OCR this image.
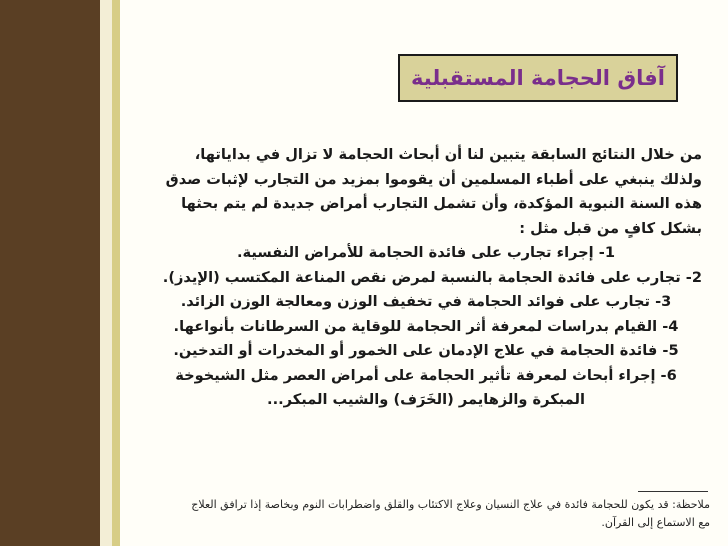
آفاق الحجامة المستقبلية
من خلال النتائج السابقة يتبين لنا أن أبحاث الحجامة لا تزال في بداياتها،
ولذلك ينبغي على أطباء المسلمين أن يقوموا بمزيد من التجارب لإثبات صدق
هذه السنة النبوية المؤكدة، وأن تشمل التجارب أمراض جديدة لم يتم بحثها
بشكل كافٍ من قبل مثل :
1- إجراء تجارب على فائدة الحجامة للأمراض النفسية.
2- تجارب على فائدة الحجامة بالنسبة لمرض نقص المناعة المكتسب (الإيدز).
3- تجارب على فوائد الحجامة في تخفيف الوزن ومعالجة الوزن الزائد.
4- القيام بدراسات لمعرفة أثر الحجامة للوقاية من السرطانات بأنواعها.
5- فائدة الحجامة في علاج الإدمان على الخمور أو المخدرات أو التدخين.
6- إجراء أبحاث لمعرفة تأثير الحجامة على أمراض العصر مثل الشيخوخة
المبكرة والزهايمر (الخَرَف) والشيب المبكر...
ملاحظة: قد يكون للحجامة فائدة في علاج النسيان وعلاج الاكتئاب والقلق واضطرابات النوم وبخاصة إذا ترافق العلاج
مع الاستماع إلى القرآن.
